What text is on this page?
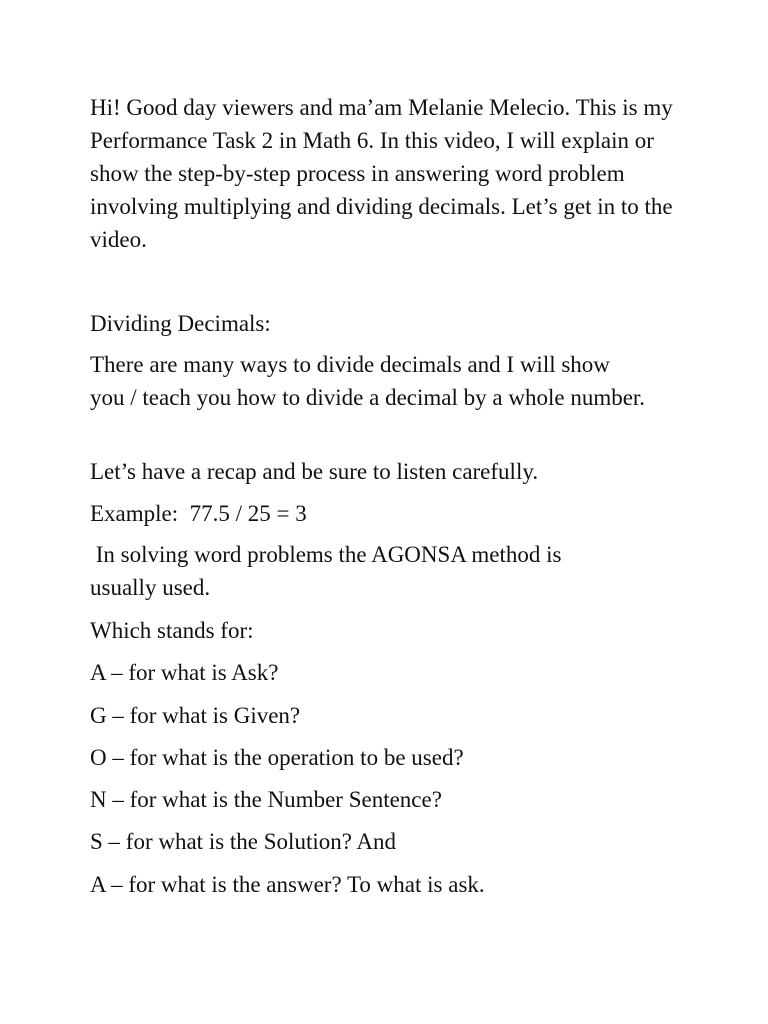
Hi! Good day viewers and ma’am Melanie Melecio. This is my Performance Task 2 in Math 6. In this video, I will explain or show the step-by-step process in answering word problem involving multiplying and dividing decimals. Let’s get in to the video.

Dividing Decimals:

There are many ways to divide decimals and I will show you / teach you how to divide a decimal by a whole number.

Let’s have a recap and be sure to listen carefully.

Example:  77.5 / 25 = 3

In solving word problems the AGONSA method is usually used.

Which stands for:

A – for what is Ask?

G – for what is Given?

O – for what is the operation to be used?

N – for what is the Number Sentence?

S – for what is the Solution? And

A – for what is the answer? To what is ask.
